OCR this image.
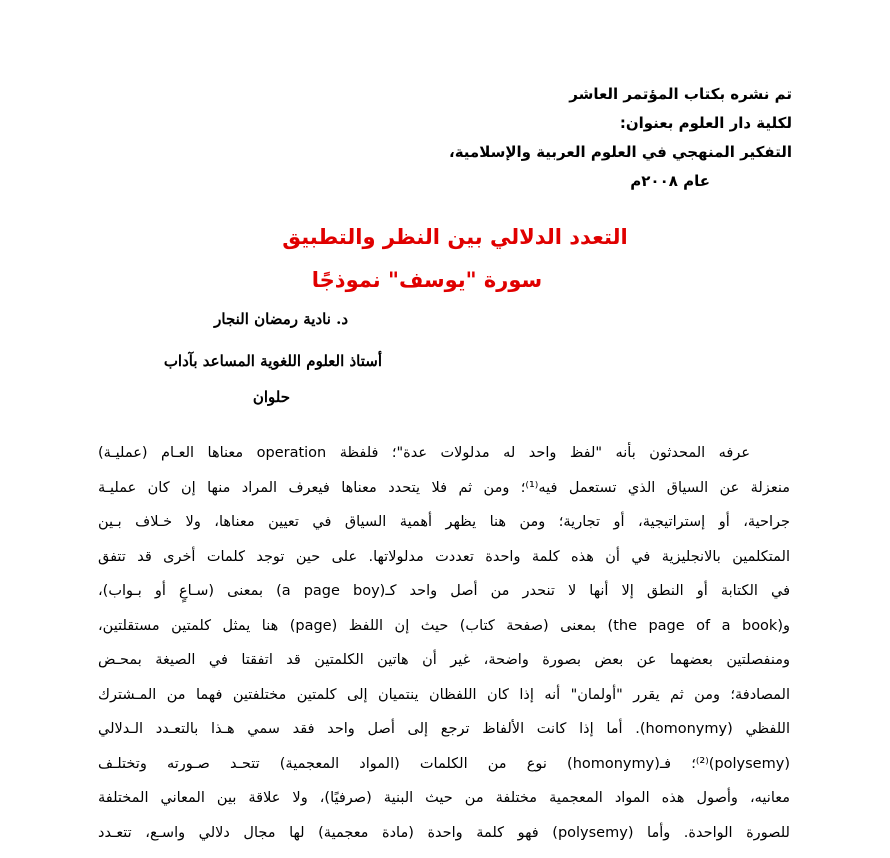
تم نشره بكتاب المؤتمر العاشر
لكلية دار العلوم بعنوان:
التفكير المنهجي في العلوم العربية والإسلامية،
عام ٢٠٠٨م
التعدد الدلالي بين النظر والتطبيق
سورة "يوسف" نموذجًا
د. نادية رمضان النجار
أستاذ العلوم اللغوية المساعد بآداب
حلوان
عرفه المحدثون بأنه "لفظ واحد له مدلولات عدة"؛ فلفظة operation معناها العـام (عمليـة)
منعزلة عن السياق الذي تستعمل فيه⁽¹⁾؛ ومن ثم فلا يتحدد معناها فيعرف المراد منها إن كان عمليـة
جراحية، أو إستراتيجية، أو تجارية؛ ومن هنا يظهر أهمية السياق في تعيين معناها، ولا خـلاف بـين
المتكلمين بالانجليزية في أن هذه كلمة واحدة تعددت مدلولاتها. على حين توجد كلمات أخرى قد تتفق
في الكتابة أو النطق إلا أنها لا تنحدر من أصل واحد كـ(a page boy) بمعنى (سـاعٍ أو بـواب)،
و(the page of a book) بمعنى (صفحة كتاب) حيث إن اللفظ (page) هنا يمثل كلمتين مستقلتين،
ومنفصلتين بعضهما عن بعض بصورة واضحة، غير أن هاتين الكلمتين قد اتفقتا في الصيغة بمحـض
المصادفة؛ ومن ثم يقرر "أولمان" أنه إذا كان اللفظان ينتميان إلى كلمتين مختلفتين فهما من المـشترك
اللفظي (homonymy). أما إذا كانت الألفاظ ترجع إلى أصل واحد فقد سمي هـذا بالتعـدد الـدلالي
(polysemy)⁽²⁾؛ فـ(homonymy) نوع من الكلمات (المواد المعجمية) تتحـد صـورته وتختلـف
معانيه، وأصول هذه المواد المعجمية مختلفة من حيث البنية (صرفيًا)، ولا علاقة بين المعاني المختلفة
للصورة الواحدة. وأما (polysemy) فهو كلمة واحدة (مادة معجمية) لها مجال دلالي واسـع، تتعـدد
